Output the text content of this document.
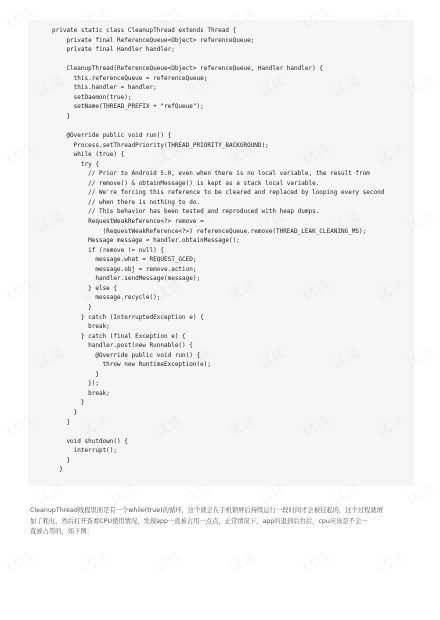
private static class CleanupThread extends Thread {
private final ReferenceQueue<Object> referenceQueue;
private final Handler handler;
CleanupThread(ReferenceQueue<Object> referenceQueue, Handler handler) {
this.referenceQueue = referenceQueue;
this.handler = handler;
setDaemon(true);
setName(THREAD_PREFIX + "refQueue");
}
@Override public void run() {
Process.setThreadPriority(THREAD_PRIORITY_BACKGROUND);
while (true) {
try {
// Prior to Android 5.0, even when there is no local variable, the result from
// remove() & obtainMessage() is kept as a stack local variable.
// We're forcing this reference to be cleared and replaced by looping every second
// when there is nothing to do.
// This behavior has been tested and reproduced with heap dumps.
RequestWeakReference<?> remove =
(RequestWeakReference<?>) referenceQueue.remove(THREAD_LEAK_CLEANING_MS);
Message message = handler.obtainMessage();
if (remove != null) {
message.what = REQUEST_GCED;
message.obj = remove.action;
handler.sendMessage(message);
} else {
message.recycle();
}
} catch (InterruptedException e) {
break;
} catch (final Exception e) {
handler.post(new Runnable() {
@Override public void run() {
throw new RuntimeException(e);
}
});
break;
}
}
}
void shutdown() {
interrupt();
}
}
CleanupThread线程里面是有一个while(true)的循环，这个就会在手机锁屏后持续运行一段时间才会被挂起的，这个过程就增
加了耗电，然后打开查看CPU使用情况，发现app一直被占用一点点，正常情况下，app的退到后台后，cpu应该是不会一
直被占用的，如下图：
